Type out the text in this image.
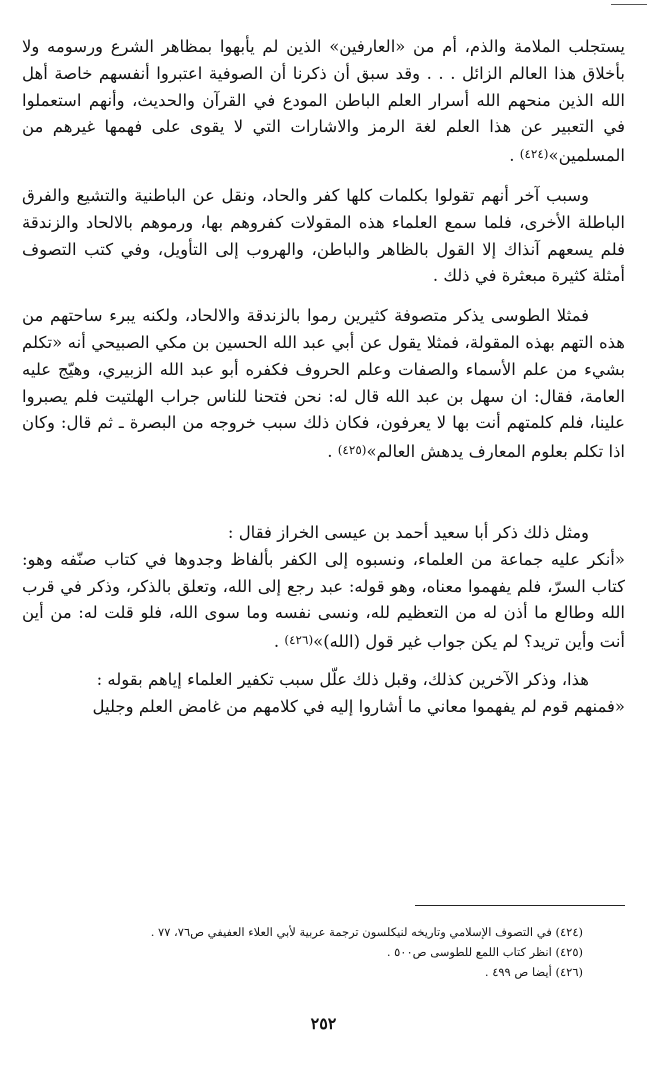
يستجلب الملامة والذم، أم من «العارفين» الذين لم يأبهوا بمظاهر الشرع ورسومه ولا بأخلاق هذا العالم الزائل . . . وقد سبق أن ذكرنا أن الصوفية اعتبروا أنفسهم خاصة أهل الله الذين منحهم الله أسرار العلم الباطن المودع في القرآن والحديث، وأنهم استعملوا في التعبير عن هذا العلم لغة الرمز والاشارات التي لا يقوى على فهمها غيرهم من المسلمين»(٤٢٤) .

وسبب آخر أنهم تقولوا بكلمات كلها كفر والحاد، ونقل عن الباطنية والتشيع والفرق الباطلة الأخرى، فلما سمع العلماء هذه المقولات كفروهم بها، ورموهم بالالحاد والزندقة فلم يسعهم آنذاك إلا القول بالظاهر والباطن، والهروب إلى التأويل، وفي كتب التصوف أمثلة كثيرة مبعثرة في ذلك .

فمثلا الطوسى يذكر متصوفة كثيرين رموا بالزندقة والالحاد، ولكنه يبرء ساحتهم من هذه التهم بهذه المقولة، فمثلا يقول عن أبي عبد الله الحسين بن مكي الصبيحي أنه «تكلم بشيء من علم الأسماء والصفات وعلم الحروف فكفره أبو عبد الله الزبيري، وهيّج عليه العامة، فقال: ان سهل بن عبد الله قال له: نحن فتحنا للناس جراب الهلتيت فلم يصبروا علينا، فلم كلمتهم أنت بها لا يعرفون، فكان ذلك سبب خروجه من البصرة ـ ثم قال: وكان اذا تكلم بعلوم المعارف يدهش العالم»(٤٢٥) .

ومثل ذلك ذكر أبا سعيد أحمد بن عيسى الخراز فقال :

«أنكر عليه جماعة من العلماء، ونسبوه إلى الكفر بألفاظ وجدوها في كتاب صنّفه وهو: كتاب السرّ، فلم يفهموا معناه، وهو قوله: عبد رجع إلى الله، وتعلق بالذكر، وذكر في قرب الله وطالع ما أذن له من التعظيم لله، ونسى نفسه وما سوى الله، فلو قلت له: من أين أنت وأين تريد؟ لم يكن جواب غير قول (الله)»(٤٢٦) .

هذا، وذكر الآخرين كذلك، وقبل ذلك علّل سبب تكفير العلماء إياهم بقوله :

«فمنهم قوم لم يفهموا معاني ما أشاروا إليه في كلامهم من غامض العلم وجليل

(٤٢٤) في التصوف الإسلامي وتاريخه لنيكلسون ترجمة عربية لأبي العلاء العفيفي ص٧٦، ٧٧ .
(٤٢٥) انظر كتاب اللمع للطوسى ص٥٠٠ .
(٤٢٦) أيضا ص ٤٩٩ .
٢٥٢
